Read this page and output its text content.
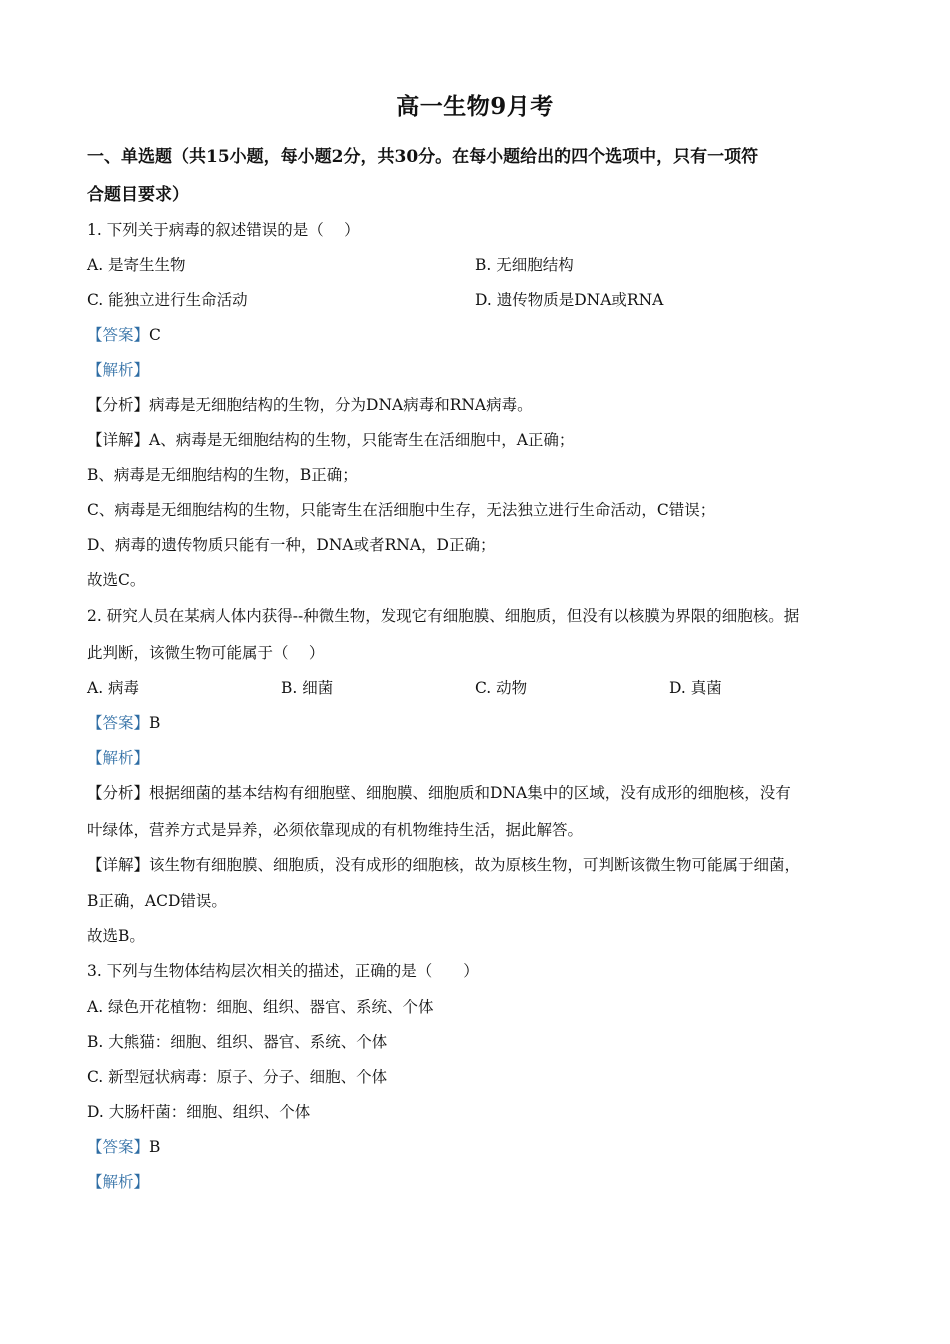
高一生物9月考
一、单选题（共15小题，每小题2分，共30分。在每小题给出的四个选项中，只有一项符
合题目要求）
1. 下列关于病毒的叙述错误的是（　 ）
A. 是寄生生物	B. 无细胞结构
C. 能独立进行生命活动	D. 遗传物质是DNA或RNA
【答案】C
【解析】
【分析】病毒是无细胞结构的生物，分为DNA病毒和RNA病毒。
【详解】A、病毒是无细胞结构的生物，只能寄生在活细胞中，A正确；
B、病毒是无细胞结构的生物，B正确；
C、病毒是无细胞结构的生物，只能寄生在活细胞中生存，无法独立进行生命活动，C错误；
D、病毒的遗传物质只能有一种，DNA或者RNA，D正确；
故选C。
2. 研究人员在某病人体内获得--种微生物，发现它有细胞膜、细胞质，但没有以核膜为界限的细胞核。据
此判断，该微生物可能属于（　 ）
A. 病毒	B. 细菌	C. 动物	D. 真菌
【答案】B
【解析】
【分析】根据细菌的基本结构有细胞壁、细胞膜、细胞质和DNA集中的区域，没有成形的细胞核，没有
叶绿体，营养方式是异养，必须依靠现成的有机物维持生活，据此解答。
【详解】该生物有细胞膜、细胞质，没有成形的细胞核，故为原核生物，可判断该微生物可能属于细菌，
B正确，ACD错误。
故选B。
3. 下列与生物体结构层次相关的描述，正确的是（　　）
A. 绿色开花植物：细胞、组织、器官、系统、个体
B. 大熊猫：细胞、组织、器官、系统、个体
C. 新型冠状病毒：原子、分子、细胞、个体
D. 大肠杆菌：细胞、组织、个体
【答案】B
【解析】
